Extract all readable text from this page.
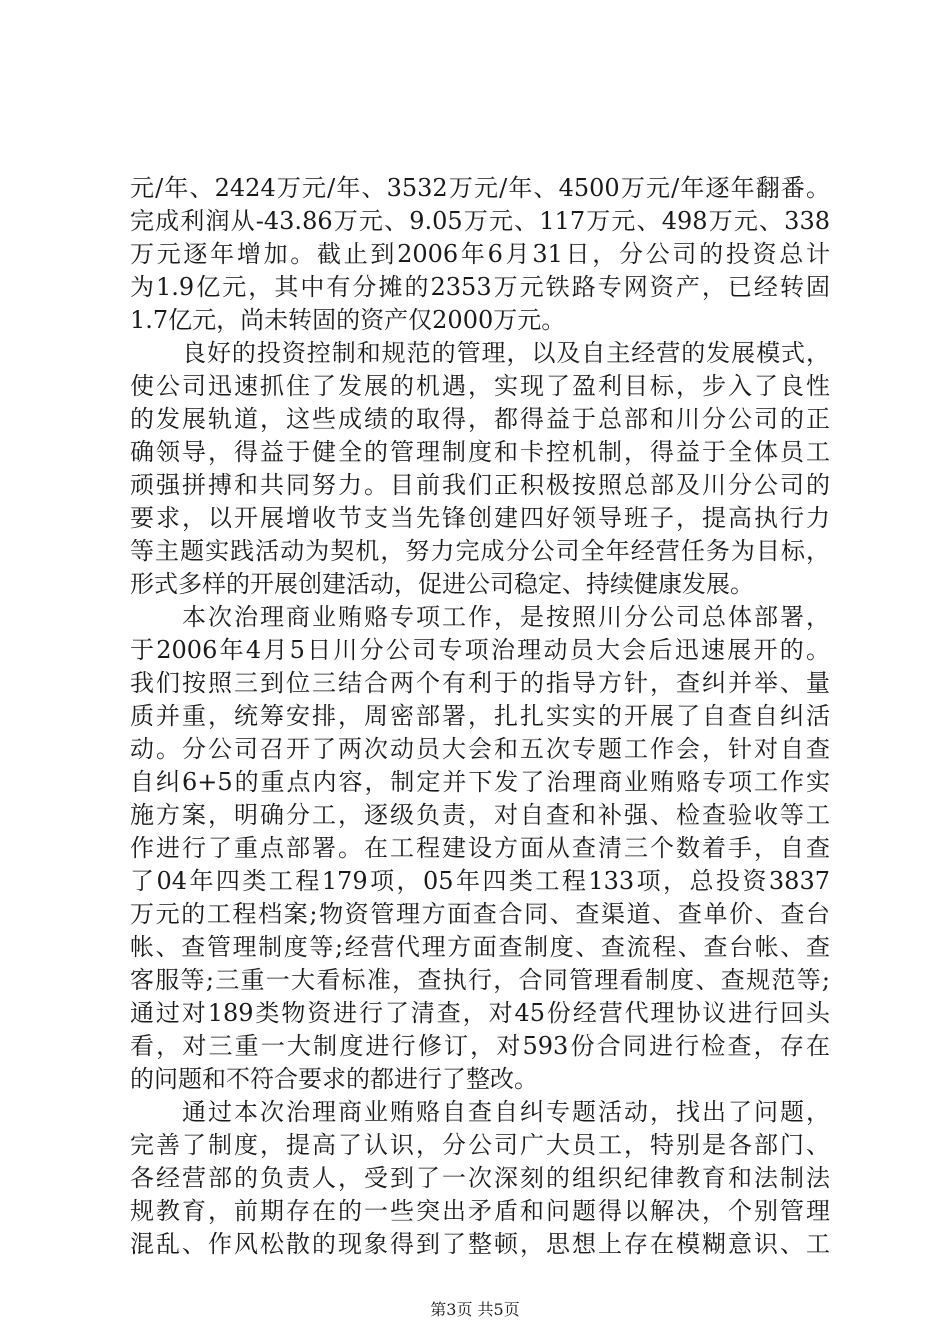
元/年、2424万元/年、3532万元/年、4500万元/年逐年翻番。
完成利润从-43.86万元、9.05万元、117万元、498万元、338
万元逐年增加。截止到2006年6月31日，分公司的投资总计
为1.9亿元，其中有分摊的2353万元铁路专网资产，已经转固
1.7亿元，尚未转固的资产仅2000万元。
良好的投资控制和规范的管理，以及自主经营的发展模式，
使公司迅速抓住了发展的机遇，实现了盈利目标，步入了良性
的发展轨道，这些成绩的取得，都得益于总部和川分公司的正
确领导，得益于健全的管理制度和卡控机制，得益于全体员工
顽强拼搏和共同努力。目前我们正积极按照总部及川分公司的
要求，以开展增收节支当先锋创建四好领导班子，提高执行力
等主题实践活动为契机，努力完成分公司全年经营任务为目标，
形式多样的开展创建活动，促进公司稳定、持续健康发展。
本次治理商业贿赂专项工作，是按照川分公司总体部署，
于2006年4月5日川分公司专项治理动员大会后迅速展开的。
我们按照三到位三结合两个有利于的指导方针，查纠并举、量
质并重，统筹安排，周密部署，扎扎实实的开展了自查自纠活
动。分公司召开了两次动员大会和五次专题工作会，针对自查
自纠6+5的重点内容，制定并下发了治理商业贿赂专项工作实
施方案，明确分工，逐级负责，对自查和补强、检查验收等工
作进行了重点部署。在工程建设方面从查清三个数着手，自查
了04年四类工程179项，05年四类工程133项，总投资3837
万元的工程档案;物资管理方面查合同、查渠道、查单价、查台
帐、查管理制度等;经营代理方面查制度、查流程、查台帐、查
客服等;三重一大看标准，查执行，合同管理看制度、查规范等;
通过对189类物资进行了清查，对45份经营代理协议进行回头
看，对三重一大制度进行修订，对593份合同进行检查，存在
的问题和不符合要求的都进行了整改。
通过本次治理商业贿赂自查自纠专题活动，找出了问题，
完善了制度，提高了认识，分公司广大员工，特别是各部门、
各经营部的负责人，受到了一次深刻的组织纪律教育和法制法
规教育，前期存在的一些突出矛盾和问题得以解决，个别管理
混乱、作风松散的现象得到了整顿，思想上存在模糊意识、工
第3页 共5页
